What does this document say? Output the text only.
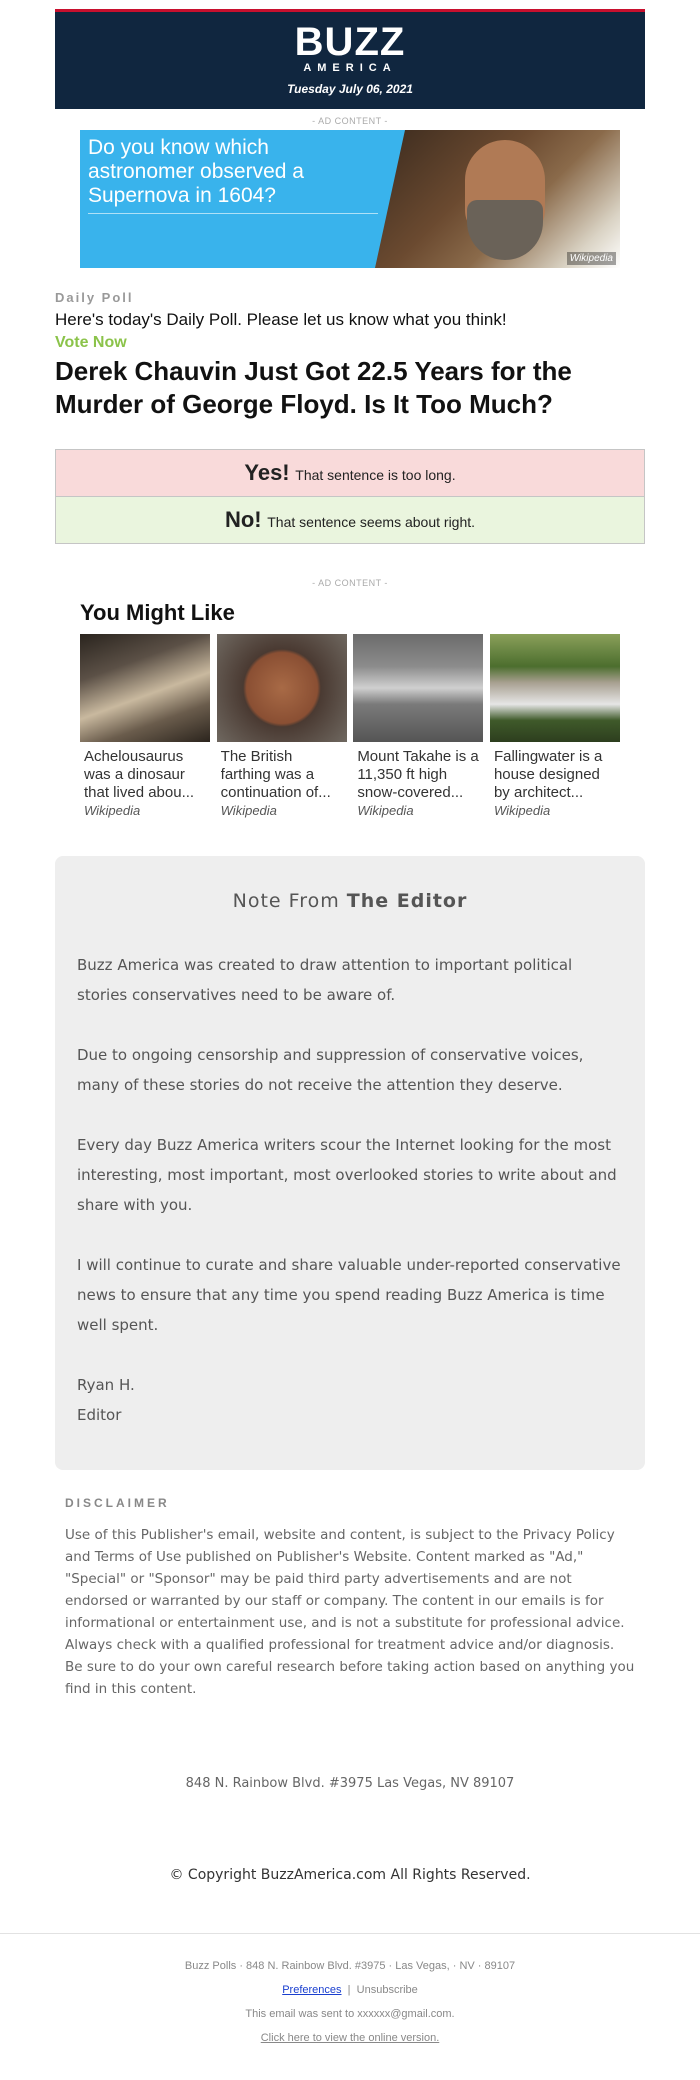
BUZZ
AMERICA
Tuesday July 06, 2021
- AD CONTENT -
Do you know which astronomer observed a Supernova in 1604?
Wikipedia
Daily Poll
Here's today's Daily Poll. Please let us know what you think!
Vote Now
Derek Chauvin Just Got 22.5 Years for the Murder of George Floyd. Is It Too Much?
Yes! That sentence is too long.
No! That sentence seems about right.
- AD CONTENT -
You Might Like
Achelousaurus was a dinosaur that lived abou...
Wikipedia
The British farthing was a continuation of...
Wikipedia
Mount Takahe is a 11,350 ft high snow-covered...
Wikipedia
Fallingwater is a house designed by architect...
Wikipedia
Note From The Editor

Buzz America was created to draw attention to important political stories conservatives need to be aware of.

Due to ongoing censorship and suppression of conservative voices, many of these stories do not receive the attention they deserve.

Every day Buzz America writers scour the Internet looking for the most interesting, most important, most overlooked stories to write about and share with you.

I will continue to curate and share valuable under-reported conservative news to ensure that any time you spend reading Buzz America is time well spent.

Ryan H.
Editor
DISCLAIMER

Use of this Publisher's email, website and content, is subject to the Privacy Policy and Terms of Use published on Publisher's Website. Content marked as "Ad," "Special" or "Sponsor" may be paid third party advertisements and are not endorsed or warranted by our staff or company. The content in our emails is for informational or entertainment use, and is not a substitute for professional advice. Always check with a qualified professional for treatment advice and/or diagnosis. Be sure to do your own careful research before taking action based on anything you find in this content.

848 N. Rainbow Blvd. #3975 Las Vegas, NV 89107
© Copyright BuzzAmerica.com All Rights Reserved.
Buzz Polls · 848 N. Rainbow Blvd. #3975 · Las Vegas, · NV · 89107
Preferences | Unsubscribe
This email was sent to xxxxxx@gmail.com.
Click here to view the online version.
